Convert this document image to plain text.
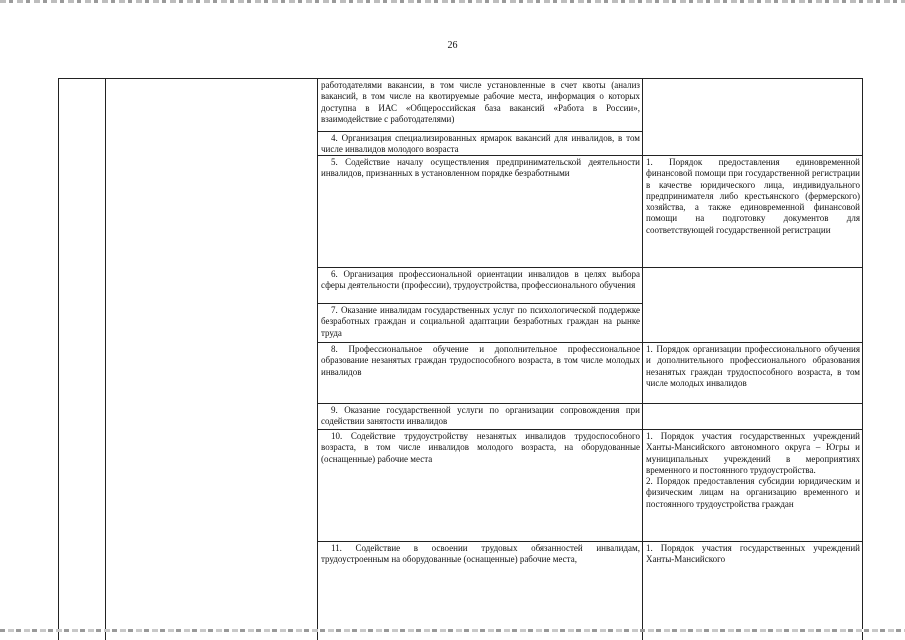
26

работодателями вакансии, в том числе установленные в счет квоты (анализ вакансий, в том числе на квотируемые рабочие места, информация о которых доступна в ИАС «Общероссийская база вакансий «Работа в России», взаимодействие с работодателями)

4. Организация специализированных ярмарок вакансий для инвалидов, в том числе инвалидов молодого возраста

5. Содействие началу осуществления предпринимательской деятельности инвалидов, признанных в установленном порядке безработными

1. Порядок предоставления единовременной финансовой помощи при государственной регистрации в качестве юридического лица, индивидуального предпринимателя либо крестьянского (фермерского) хозяйства, а также единовременной финансовой помощи на подготовку документов для соответствующей государственной регистрации

6. Организация профессиональной ориентации инвалидов в целях выбора сферы деятельности (профессии), трудоустройства, профессионального обучения

7. Оказание инвалидам государственных услуг по психологической поддержке безработных граждан и социальной адаптации безработных граждан на рынке труда

8. Профессиональное обучение и дополнительное профессиональное образование незанятых граждан трудоспособного возраста, в том числе молодых инвалидов

1. Порядок организации профессионального обучения и дополнительного профессионального образования незанятых граждан трудоспособного возраста, в том числе молодых инвалидов

9. Оказание государственной услуги по организации сопровождения при содействии занятости инвалидов

10. Содействие трудоустройству незанятых инвалидов трудоспособного возраста, в том числе инвалидов молодого возраста, на оборудованные (оснащенные) рабочие места

1. Порядок участия государственных учреждений Ханты-Мансийского автономного округа – Югры и муниципальных учреждений в мероприятиях временного и постоянного трудоустройства.

2. Порядок предоставления субсидии юридическим и физическим лицам на организацию временного и постоянного трудоустройства граждан

11. Содействие в освоении трудовых обязанностей инвалидам, трудоустроенным на оборудованные (оснащенные) рабочие места,

1. Порядок участия государственных учреждений Ханты-Мансийского
